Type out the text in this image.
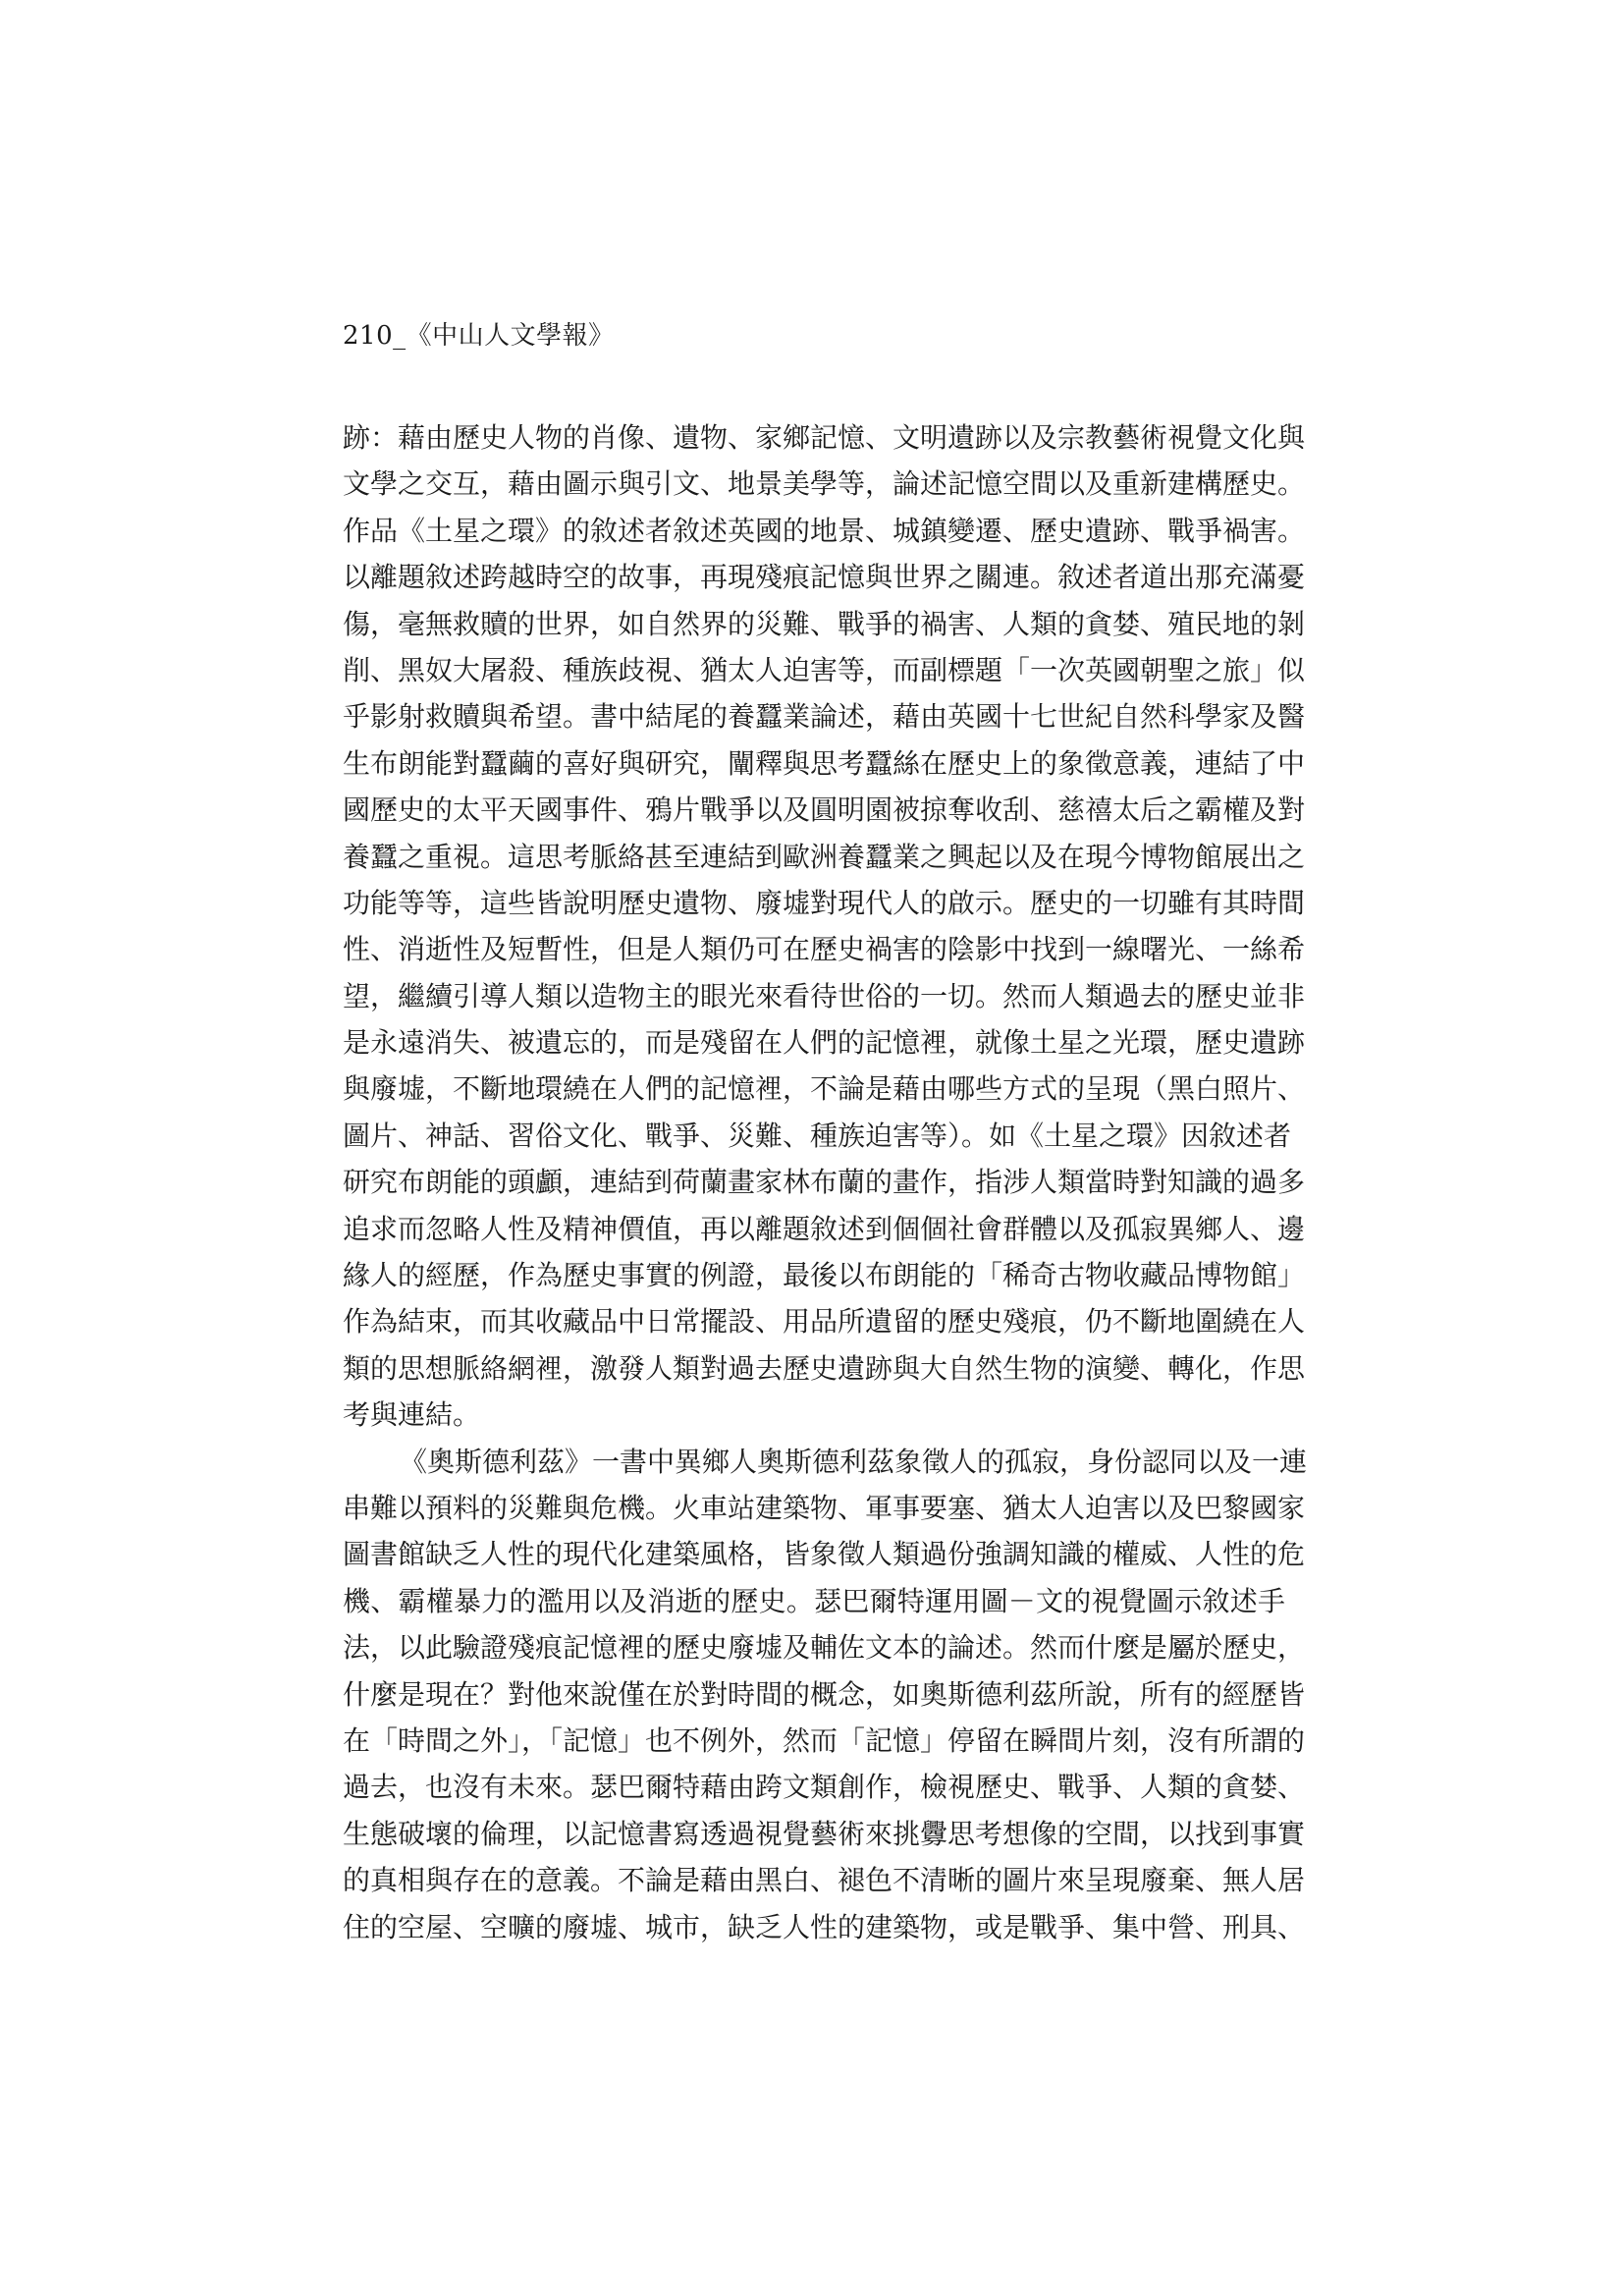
210_《中山人文學報》
跡：藉由歷史人物的肖像、遺物、家鄉記憶、文明遺跡以及宗教藝術視覺文化與
文學之交互，藉由圖示與引文、地景美學等，論述記憶空間以及重新建構歷史。
作品《土星之環》的敘述者敘述英國的地景、城鎮變遷、歷史遺跡、戰爭禍害。
以離題敘述跨越時空的故事，再現殘痕記憶與世界之關連。敘述者道出那充滿憂
傷，毫無救贖的世界，如自然界的災難、戰爭的禍害、人類的貪婪、殖民地的剝
削、黑奴大屠殺、種族歧視、猶太人迫害等，而副標題「一次英國朝聖之旅」似
乎影射救贖與希望。書中結尾的養蠶業論述，藉由英國十七世紀自然科學家及醫
生布朗能對蠶繭的喜好與研究，闡釋與思考蠶絲在歷史上的象徵意義，連結了中
國歷史的太平天國事件、鴉片戰爭以及圓明園被掠奪收刮、慈禧太后之霸權及對
養蠶之重視。這思考脈絡甚至連結到歐洲養蠶業之興起以及在現今博物館展出之
功能等等，這些皆說明歷史遺物、廢墟對現代人的啟示。歷史的一切雖有其時間
性、消逝性及短暫性，但是人類仍可在歷史禍害的陰影中找到一線曙光、一絲希
望，繼續引導人類以造物主的眼光來看待世俗的一切。然而人類過去的歷史並非
是永遠消失、被遺忘的，而是殘留在人們的記憶裡，就像土星之光環，歷史遺跡
與廢墟，不斷地環繞在人們的記憶裡，不論是藉由哪些方式的呈現（黑白照片、
圖片、神話、習俗文化、戰爭、災難、種族迫害等）。如《土星之環》因敘述者
研究布朗能的頭顱，連結到荷蘭畫家林布蘭的畫作，指涉人類當時對知識的過多
追求而忽略人性及精神價值，再以離題敘述到個個社會群體以及孤寂異鄉人、邊
緣人的經歷，作為歷史事實的例證，最後以布朗能的「稀奇古物收藏品博物館」
作為結束，而其收藏品中日常擺設、用品所遺留的歷史殘痕，仍不斷地圍繞在人
類的思想脈絡網裡，激發人類對過去歷史遺跡與大自然生物的演變、轉化，作思
考與連結。
《奧斯德利茲》一書中異鄉人奧斯德利茲象徵人的孤寂，身份認同以及一連
串難以預料的災難與危機。火車站建築物、軍事要塞、猶太人迫害以及巴黎國家
圖書館缺乏人性的現代化建築風格，皆象徵人類過份強調知識的權威、人性的危
機、霸權暴力的濫用以及消逝的歷史。瑟巴爾特運用圖－文的視覺圖示敘述手
法，以此驗證殘痕記憶裡的歷史廢墟及輔佐文本的論述。然而什麼是屬於歷史，
什麼是現在？對他來說僅在於對時間的概念，如奧斯德利茲所說，所有的經歷皆
在「時間之外」，「記憶」也不例外，然而「記憶」停留在瞬間片刻，沒有所謂的
過去，也沒有未來。瑟巴爾特藉由跨文類創作，檢視歷史、戰爭、人類的貪婪、
生態破壞的倫理，以記憶書寫透過視覺藝術來挑釁思考想像的空間，以找到事實
的真相與存在的意義。不論是藉由黑白、褪色不清晰的圖片來呈現廢棄、無人居
住的空屋、空曠的廢墟、城市，缺乏人性的建築物，或是戰爭、集中營、刑具、
